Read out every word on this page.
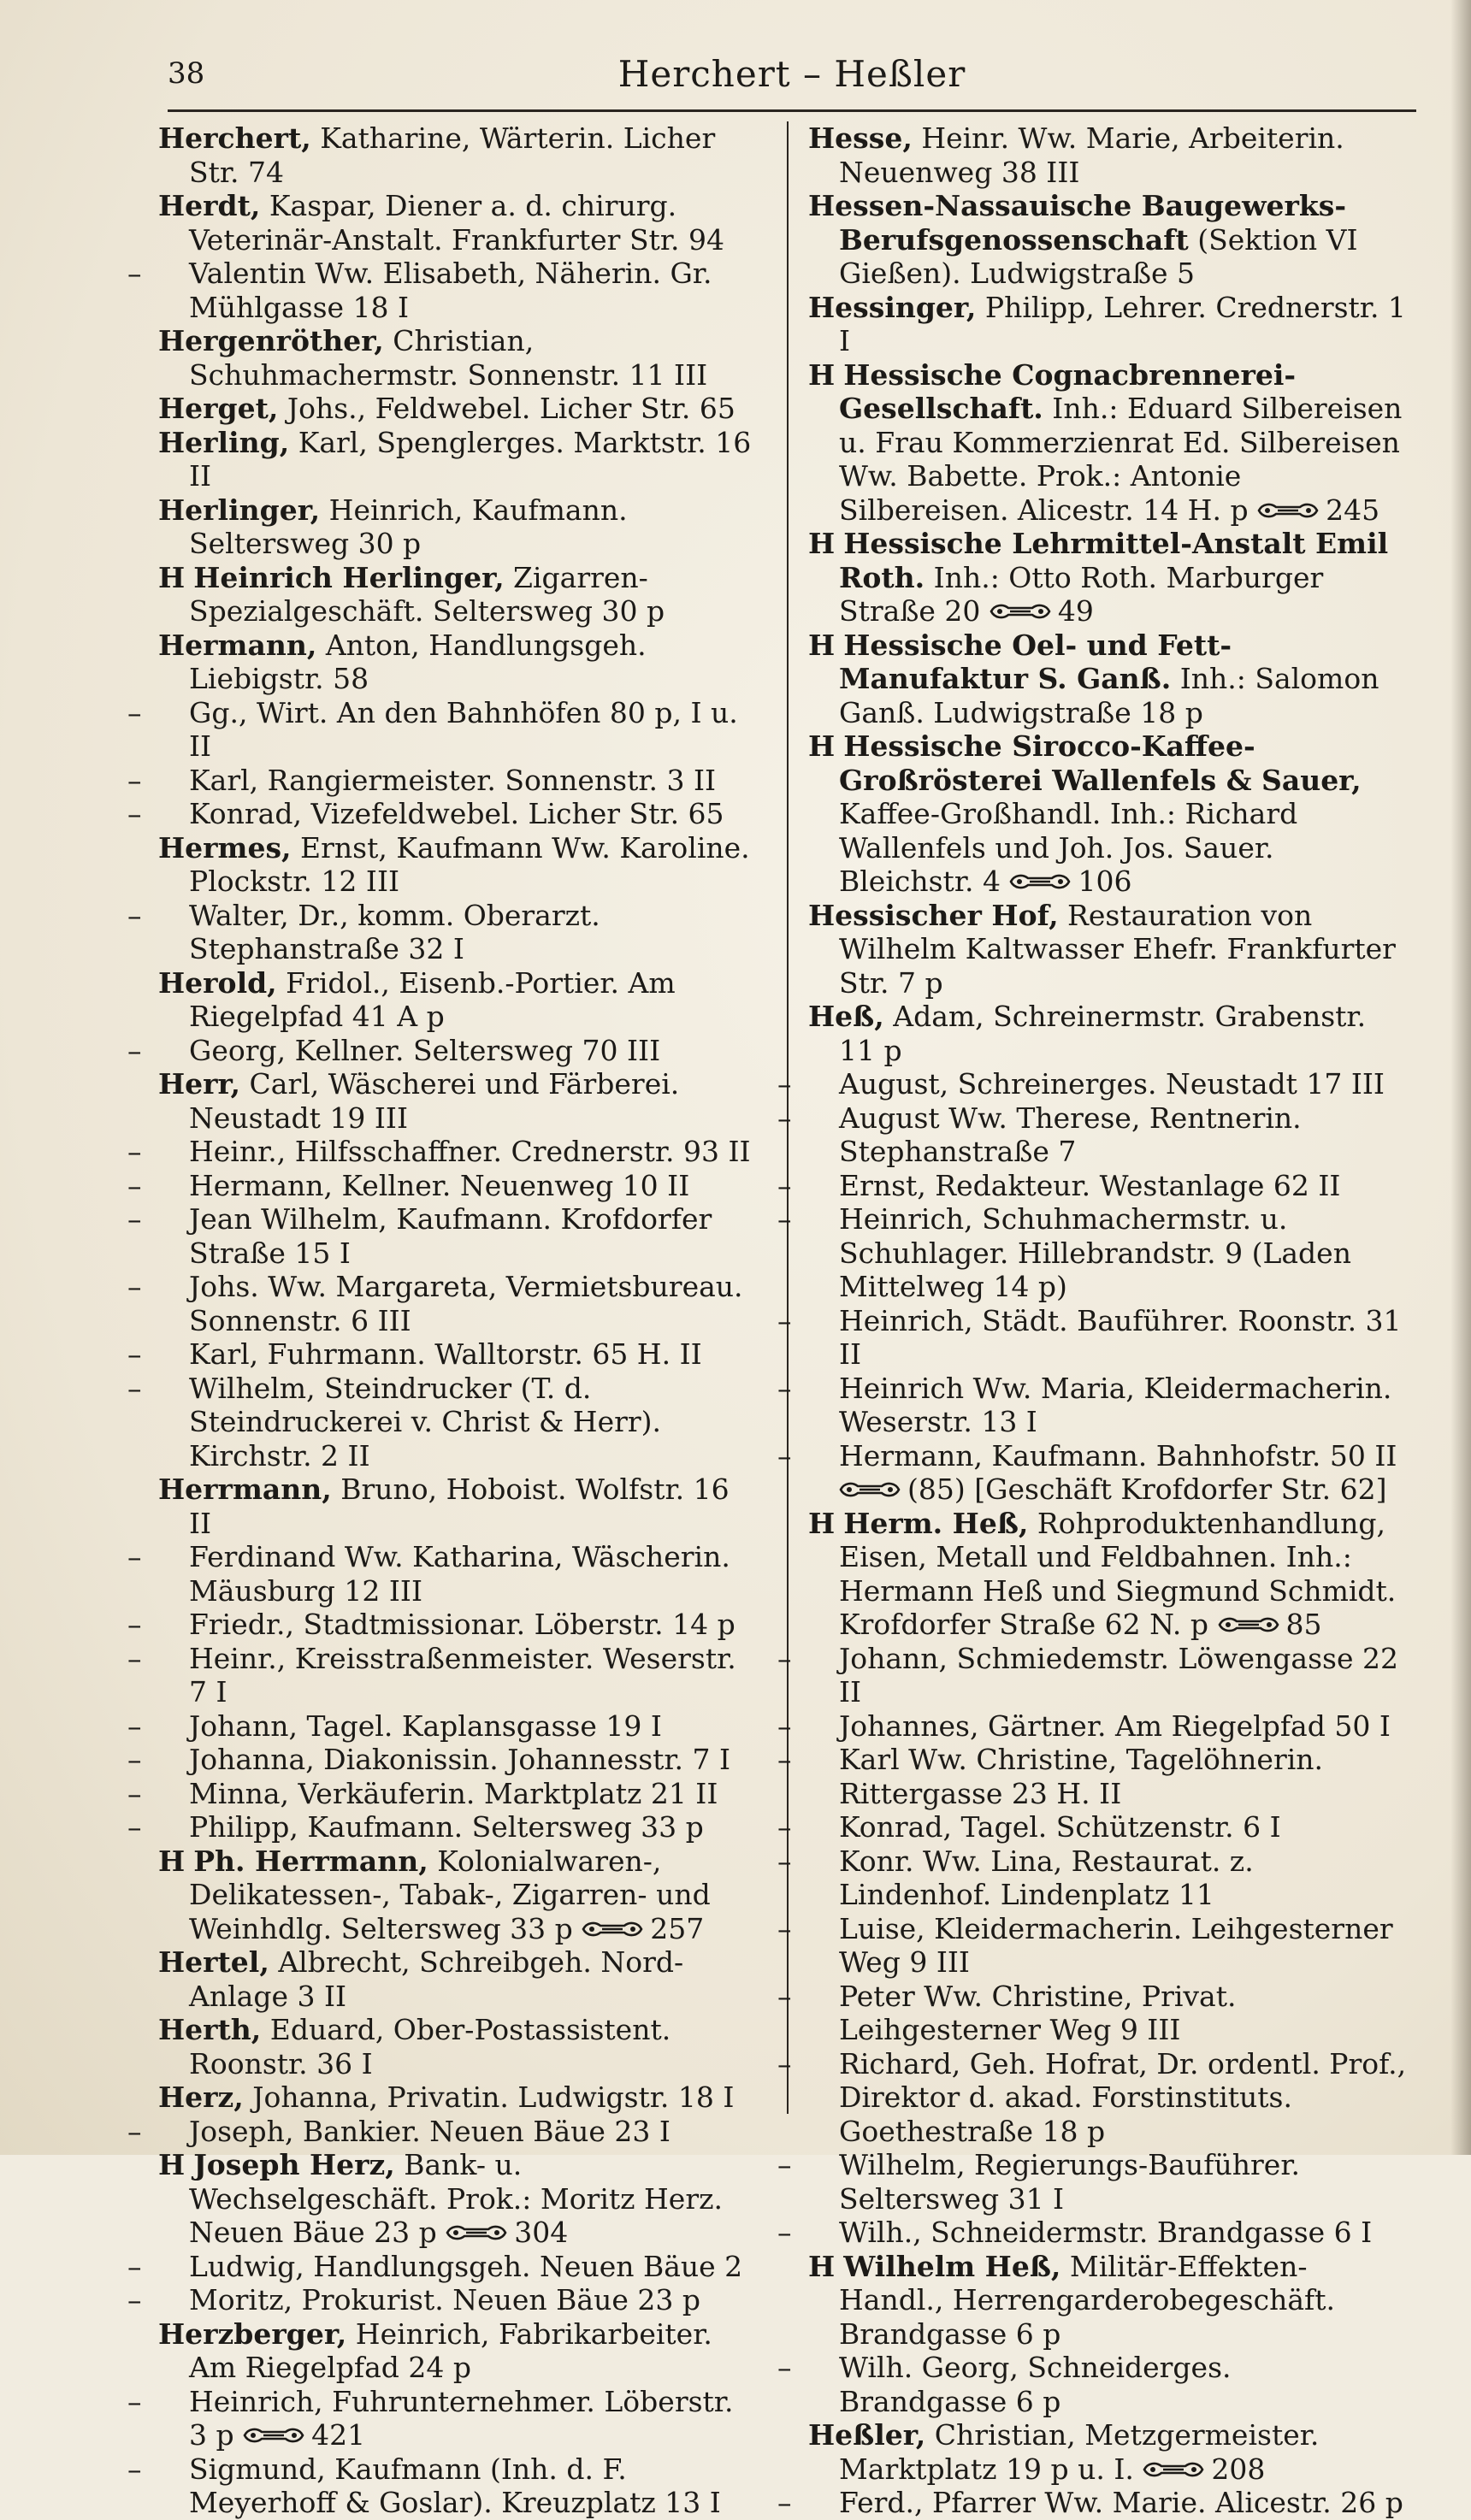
38	Herchert – Heßler

Herchert, Katharine, Wärterin. Licher Str. 74

Herdt, Kaspar, Diener a. d. chirurg. Veterinär-Anstalt. Frankfurter Str. 94

– Valentin Ww. Elisabeth, Näherin. Gr. Mühlgasse 18 I

Hergenröther, Christian, Schuhmachermstr. Sonnenstr. 11 III

Herget, Johs., Feldwebel. Licher Str. 65

Herling, Karl, Spenglerges. Marktstr. 16 II

Herlinger, Heinrich, Kaufmann. Seltersweg 30 p

H Heinrich Herlinger, Zigarren-Spezialgeschäft. Seltersweg 30 p

Hermann, Anton, Handlungsgeh. Liebigstr. 58

– Gg., Wirt. An den Bahnhöfen 80 p, I u. II

– Karl, Rangiermeister. Sonnenstr. 3 II

– Konrad, Vizefeldwebel. Licher Str. 65

Hermes, Ernst, Kaufmann Ww. Karoline. Plockstr. 12 III

– Walter, Dr., komm. Oberarzt. Stephanstraße 32 I

Herold, Fridol., Eisenb.-Portier. Am Riegelpfad 41 A p

– Georg, Kellner. Seltersweg 70 III

Herr, Carl, Wäscherei und Färberei. Neustadt 19 III

– Heinr., Hilfsschaffner. Crednerstr. 93 II

– Hermann, Kellner. Neuenweg 10 II

– Jean Wilhelm, Kaufmann. Krofdorfer Straße 15 I

– Johs. Ww. Margareta, Vermietsbureau. Sonnenstr. 6 III

– Karl, Fuhrmann. Walltorstr. 65 H. II

– Wilhelm, Steindrucker (T. d. Steindruckerei v. Christ & Herr). Kirchstr. 2 II

Herrmann, Bruno, Hoboist. Wolfstr. 16 II

– Ferdinand Ww. Katharina, Wäscherin. Mäusburg 12 III

– Friedr., Stadtmissionar. Löberstr. 14 p

– Heinr., Kreisstraßenmeister. Weserstr. 7 I

– Johann, Tagel. Kaplansgasse 19 I

– Johanna, Diakonissin. Johannesstr. 7 I

– Minna, Verkäuferin. Marktplatz 21 II

– Philipp, Kaufmann. Seltersweg 33 p

H Ph. Herrmann, Kolonialwaren-, Delikatessen-, Tabak-, Zigarren- und Weinhdlg. Seltersweg 33 p	257

Hertel, Albrecht, Schreibgeh. Nord-Anlage 3 II

Herth, Eduard, Ober-Postassistent. Roonstr. 36 I

Herz, Johanna, Privatin. Ludwigstr. 18 I

– Joseph, Bankier. Neuen Bäue 23 I

H Joseph Herz, Bank- u. Wechselgeschäft. Prok.: Moritz Herz. Neuen Bäue 23 p	304

– Ludwig, Handlungsgeh. Neuen Bäue 2

– Moritz, Prokurist. Neuen Bäue 23 p

Herzberger, Heinrich, Fabrikarbeiter. Am Riegelpfad 24 p

– Heinrich, Fuhrunternehmer. Löberstr. 3 p	421

– Sigmund, Kaufmann (Inh. d. F. Meyerhoff & Goslar). Kreuzplatz 13 I

Hesse, Heinr. Ww. Marie, Arbeiterin. Neuenweg 38 III

Hessen-Nassauische Baugewerks-Berufsgenossenschaft (Sektion VI Gießen). Ludwigstraße 5

Hessinger, Philipp, Lehrer. Crednerstr. 1 I

H Hessische Cognacbrennerei-Gesellschaft. Inh.: Eduard Silbereisen u. Frau Kommerzienrat Ed. Silbereisen Ww. Babette. Prok.: Antonie Silbereisen. Alicestr. 14 H. p	245

H Hessische Lehrmittel-Anstalt Emil Roth. Inh.: Otto Roth. Marburger Straße 20	49

H Hessische Oel- und Fett-Manufaktur S. Ganß. Inh.: Salomon Ganß. Ludwigstraße 18 p

H Hessische Sirocco-Kaffee-Großrösterei Wallenfels & Sauer, Kaffee-Großhandl. Inh.: Richard Wallenfels und Joh. Jos. Sauer. Bleichstr. 4	106

Hessischer Hof, Restauration von Wilhelm Kaltwasser Ehefr. Frankfurter Str. 7 p

Heß, Adam, Schreinermstr. Grabenstr. 11 p

– August, Schreinerges. Neustadt 17 III

– August Ww. Therese, Rentnerin. Stephanstraße 7

– Ernst, Redakteur. Westanlage 62 II

– Heinrich, Schuhmachermstr. u. Schuhlager. Hillebrandstr. 9 (Laden Mittelweg 14 p)

– Heinrich, Städt. Bauführer. Roonstr. 31 II

– Heinrich Ww. Maria, Kleidermacherin. Weserstr. 13 I

– Hermann, Kaufmann. Bahnhofstr. 50 II (85) [Geschäft Krofdorfer Str. 62]

H Herm. Heß, Rohproduktenhandlung, Eisen, Metall und Feldbahnen. Inh.: Hermann Heß und Siegmund Schmidt. Krofdorfer Straße 62 N. p	85

– Johann, Schmiedemstr. Löwengasse 22 II

– Johannes, Gärtner. Am Riegelpfad 50 I

– Karl Ww. Christine, Tagelöhnerin. Rittergasse 23 H. II

– Konrad, Tagel. Schützenstr. 6 I

– Konr. Ww. Lina, Restaurat. z. Lindenhof. Lindenplatz 11

– Luise, Kleidermacherin. Leihgesterner Weg 9 III

– Peter Ww. Christine, Privat. Leihgesterner Weg 9 III

– Richard, Geh. Hofrat, Dr. ordentl. Prof., Direktor d. akad. Forstinstituts. Goethestraße 18 p

– Wilhelm, Regierungs-Bauführer. Seltersweg 31 I

– Wilh., Schneidermstr. Brandgasse 6 I

H Wilhelm Heß, Militär-Effekten-Handl., Herrengarderobegeschäft. Brandgasse 6 p

– Wilh. Georg, Schneiderges. Brandgasse 6 p

Heßler, Christian, Metzgermeister. Marktplatz 19 p u. I.	208

– Ferd., Pfarrer Ww. Marie. Alicestr. 26 p
